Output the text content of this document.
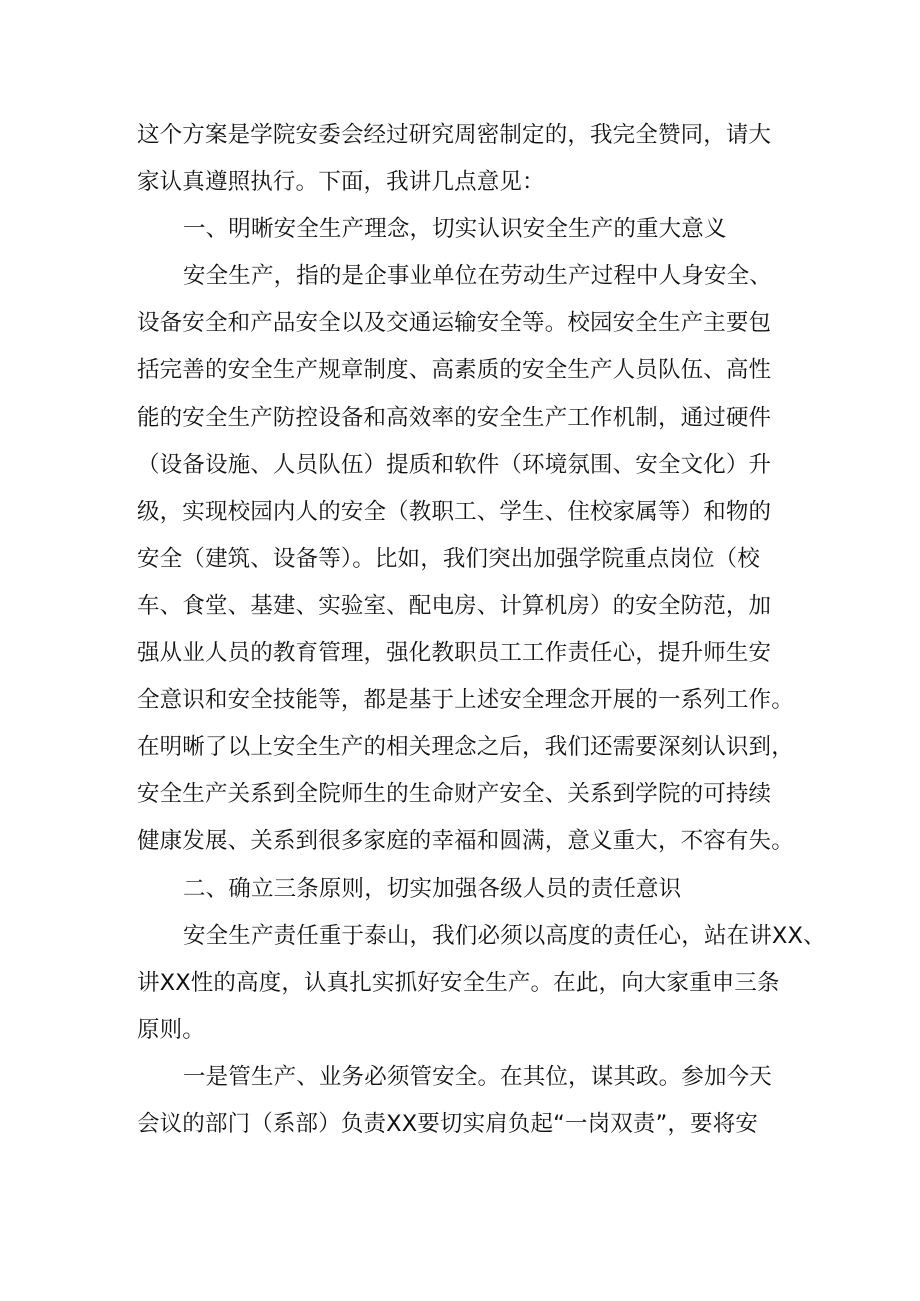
这个方案是学院安委会经过研究周密制定的，我完全赞同，请大
家认真遵照执行。下面，我讲几点意见：
一、明晰安全生产理念，切实认识安全生产的重大意义
安全生产，指的是企事业单位在劳动生产过程中人身安全、
设备安全和产品安全以及交通运输安全等。校园安全生产主要包
括完善的安全生产规章制度、高素质的安全生产人员队伍、高性
能的安全生产防控设备和高效率的安全生产工作机制，通过硬件
（设备设施、人员队伍）提质和软件（环境氛围、安全文化）升
级，实现校园内人的安全（教职工、学生、住校家属等）和物的
安全（建筑、设备等）。比如，我们突出加强学院重点岗位（校
车、食堂、基建、实验室、配电房、计算机房）的安全防范，加
强从业人员的教育管理，强化教职员工工作责任心，提升师生安
全意识和安全技能等，都是基于上述安全理念开展的一系列工作。
在明晰了以上安全生产的相关理念之后，我们还需要深刻认识到，
安全生产关系到全院师生的生命财产安全、关系到学院的可持续
健康发展、关系到很多家庭的幸福和圆满，意义重大，不容有失。
二、确立三条原则，切实加强各级人员的责任意识
安全生产责任重于泰山，我们必须以高度的责任心，站在讲XX、
讲XX性的高度，认真扎实抓好安全生产。在此，向大家重申三条
原则。
一是管生产、业务必须管安全。在其位，谋其政。参加今天
会议的部门（系部）负责XX要切实肩负起“一岗双责”，要将安
